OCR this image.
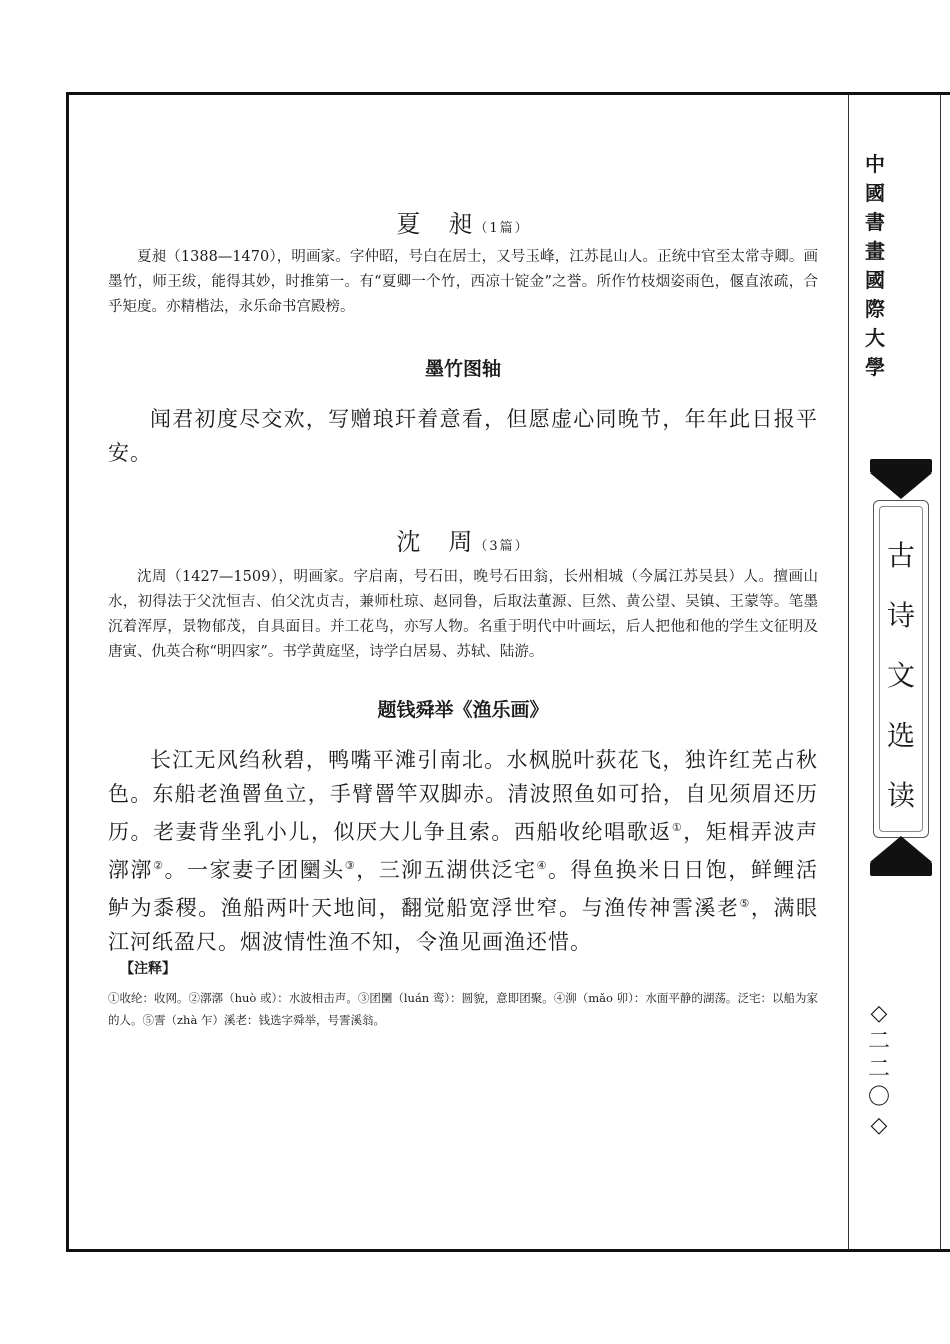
夏　昶（1篇）

夏昶（1388—1470），明画家。字仲昭，号白在居士，又号玉峰，江苏昆山人。正统中官至太常寺卿。画墨竹，师王绂，能得其妙，时推第一。有“夏卿一个竹，西凉十锭金”之誉。所作竹枝烟姿雨色，偃直浓疏，合乎矩度。亦精楷法，永乐命书宫殿榜。

墨竹图轴

闻君初度尽交欢，写赠琅玕着意看，但愿虚心同晚节，年年此日报平安。

沈　周（3篇）

沈周（1427—1509），明画家。字启南，号石田，晚号石田翁，长州相城（今属江苏吴县）人。擅画山水，初得法于父沈恒吉、伯父沈贞吉，兼师杜琼、赵同鲁，后取法董源、巨然、黄公望、吴镇、王蒙等。笔墨沉着浑厚，景物郁茂，自具面目。并工花鸟，亦写人物。名重于明代中叶画坛，后人把他和他的学生文征明及唐寅、仇英合称“明四家”。书学黄庭坚，诗学白居易、苏轼、陆游。

题钱舜举《渔乐画》

长江无风绉秋碧，鸭嘴平滩引南北。水枫脱叶荻花飞，独许红芜占秋色。东船老渔罾鱼立，手臂罾竿双脚赤。清波照鱼如可拾，自见须眉还历历。老妻背坐乳小儿，似厌大儿争且索。西船收纶唱歌返①，矩楫弄波声漷漷②。一家妻子团圞头③，三泖五湖供泛宅④。得鱼换米日日饱，鲜鲤活鲈为黍稷。渔船两叶天地间，翻觉船宽浮世窄。与渔传神霅溪老⑤，满眼江河纸盈尺。烟波情性渔不知，令渔见画渔还惜。

【注释】

①收纶：收网。②漷漷（huò 或）：水波相击声。③团圞（luán 鸾）：圆貌，意即团聚。④泖（mǎo 卯）：水面平静的湖荡。泛宅：以船为家的人。⑤霅（zhà 乍）溪老：钱选字舜举，号霅溪翁。

中
國
書
畫
國
際
大
學
古
诗
文
选
读
◇
二
二
〇
◇
